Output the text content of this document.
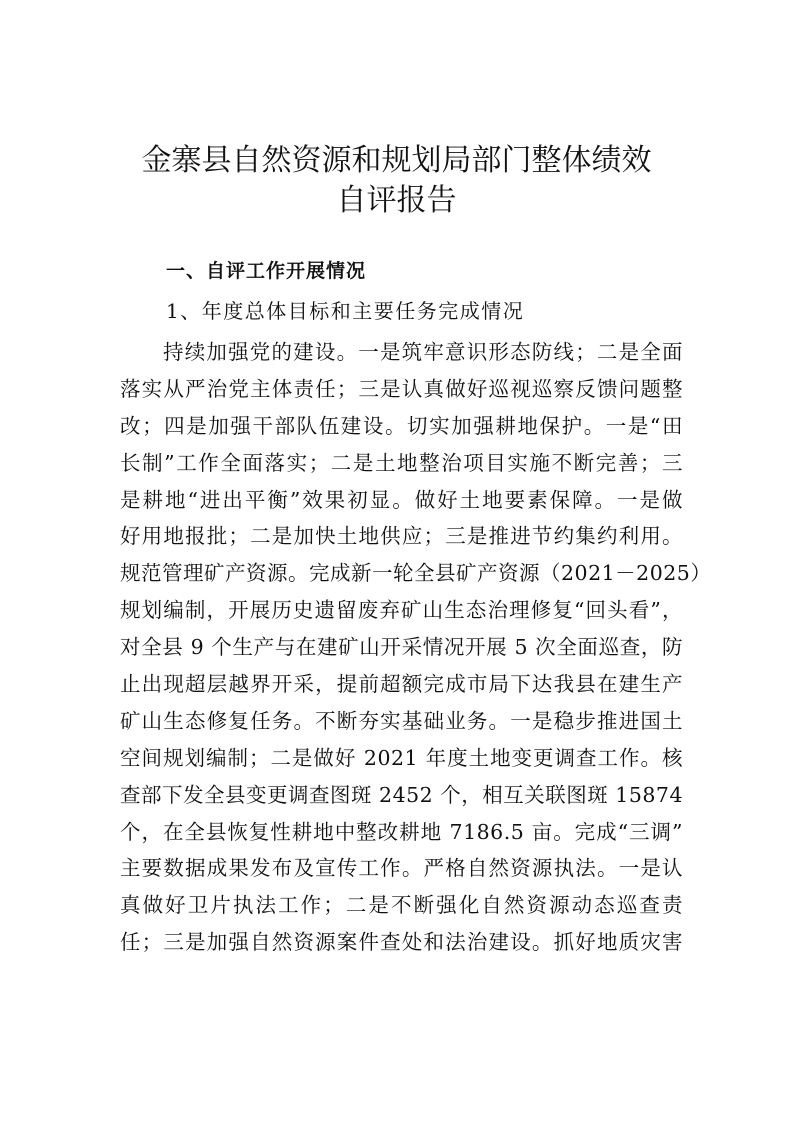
金寨县自然资源和规划局部门整体绩效
自评报告
一、自评工作开展情况
1、年度总体目标和主要任务完成情况
持续加强党的建设。一是筑牢意识形态防线；二是全面
落实从严治党主体责任；三是认真做好巡视巡察反馈问题整
改；四是加强干部队伍建设。切实加强耕地保护。一是“田
长制”工作全面落实；二是土地整治项目实施不断完善；三
是耕地“进出平衡”效果初显。做好土地要素保障。一是做
好用地报批；二是加快土地供应；三是推进节约集约利用。
规范管理矿产资源。完成新一轮全县矿产资源（2021－2025）
规划编制，开展历史遗留废弃矿山生态治理修复“回头看”，
对全县 9 个生产与在建矿山开采情况开展 5 次全面巡查，防
止出现超层越界开采，提前超额完成市局下达我县在建生产
矿山生态修复任务。不断夯实基础业务。一是稳步推进国土
空间规划编制；二是做好 2021 年度土地变更调查工作。核
查部下发全县变更调查图斑 2452 个，相互关联图斑 15874
个，在全县恢复性耕地中整改耕地 7186.5 亩。完成“三调”
主要数据成果发布及宣传工作。严格自然资源执法。一是认
真做好卫片执法工作；二是不断强化自然资源动态巡查责
任；三是加强自然资源案件查处和法治建设。抓好地质灾害
